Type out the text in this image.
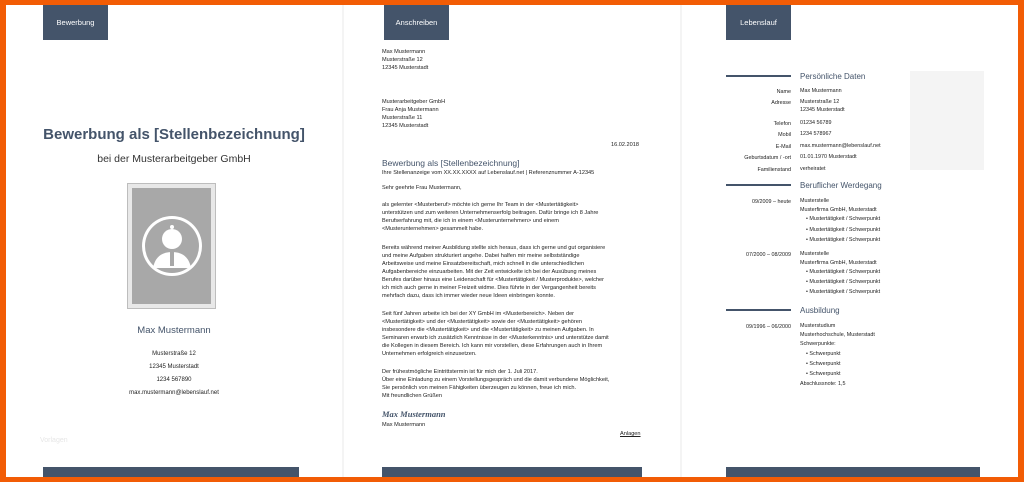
Bewerbung
Bewerbung als [Stellenbezeichnung]
bei der Musterarbeitgeber GmbH
Max Mustermann
Musterstraße 12
12345 Musterstadt
1234 567890
max.mustermann@lebenslauf.net
Vorlagen
Anschreiben
Max Mustermann
Musterstraße 12
12345 Musterstadt
Musterarbeitgeber GmbH
Frau Anja Mustermann
Musterstraße 11
12345 Musterstadt
16.02.2018
Bewerbung als [Stellenbezeichnung]
Ihre Stellenanzeige vom XX.XX.XXXX auf Lebenslauf.net | Referenznummer A-12345
Sehr geehrte Frau Mustermann,
als gelernter <Musterberuf> möchte ich gerne Ihr Team in der <Mustertätigkeit>
unterstützen und zum weiteren Unternehmenserfolg beitragen. Dafür bringe ich 8 Jahre
Berufserfahrung mit, die ich in einem <Musterunternehmen> und einem
<Musterunternehmen> gesammelt habe.
Bereits während meiner Ausbildung stellte sich heraus, dass ich gerne und gut organisiere
und meine Aufgaben strukturiert angehe. Dabei halfen mir meine selbstständige
Arbeitsweise und meine Einsatzbereitschaft, mich schnell in die unterschiedlichen
Aufgabenbereiche einzuarbeiten. Mit der Zeit entwickelte ich bei der Ausübung meines
Berufes darüber hinaus eine Leidenschaft für <Mustertätigkeit / Musterprodukte>, welcher
ich mich auch gerne in meiner Freizeit widme. Dies führte in der Vergangenheit bereits
mehrfach dazu, dass ich immer wieder neue Ideen einbringen konnte.
Seit fünf Jahren arbeite ich bei der XY GmbH im <Musterbereich>. Neben der
<Mustertätigkeit> und der <Mustertätigkeit> sowie der <Mustertätigkeit> gehören
insbesondere die <Mustertätigkeit> und die <Mustertätigkeit> zu meinen Aufgaben. In
Seminaren erwarb ich zusätzlich Kenntnisse in der <Musterkenntnis> und unterstütze damit
die Kollegen in diesem Bereich. Ich kann mir vorstellen, diese Erfahrungen auch in Ihrem
Unternehmen erfolgreich einzusetzen.
Der frühestmögliche Eintrittstermin ist für mich der 1. Juli 2017.
Über eine Einladung zu einem Vorstellungsgespräch und die damit verbundene Möglichkeit,
Sie persönlich von meinen Fähigkeiten überzeugen zu können, freue ich mich.
Mit freundlichen Grüßen
Max Mustermann
Max Mustermann
Anlagen
Lebenslauf
Persönliche Daten
Name Max Mustermann
Adresse Musterstraße 12
12345 Musterstadt
Telefon 01234 56789
Mobil 1234 578967
E-Mail max.mustermann@lebenslauf.net
Geburtsdatum / -ort 01.01.1970 Musterstadt
Familienstand verheiratet
Beruflicher Werdegang
09/2009 – heute Musterstelle
Musterfirma GmbH, Musterstadt
• Mustertätigkeit / Schwerpunkt
• Mustertätigkeit / Schwerpunkt
• Mustertätigkeit / Schwerpunkt
07/2000 – 08/2009 Musterstelle
Musterfirma GmbH, Musterstadt
• Mustertätigkeit / Schwerpunkt
• Mustertätigkeit / Schwerpunkt
• Mustertätigkeit / Schwerpunkt
Ausbildung
09/1996 – 06/2000 Musterstudium
Musterhochschule, Musterstadt
Schwerpunkte:
• Schwerpunkt
• Schwerpunkt
• Schwerpunkt
Abschlussnote: 1,5
